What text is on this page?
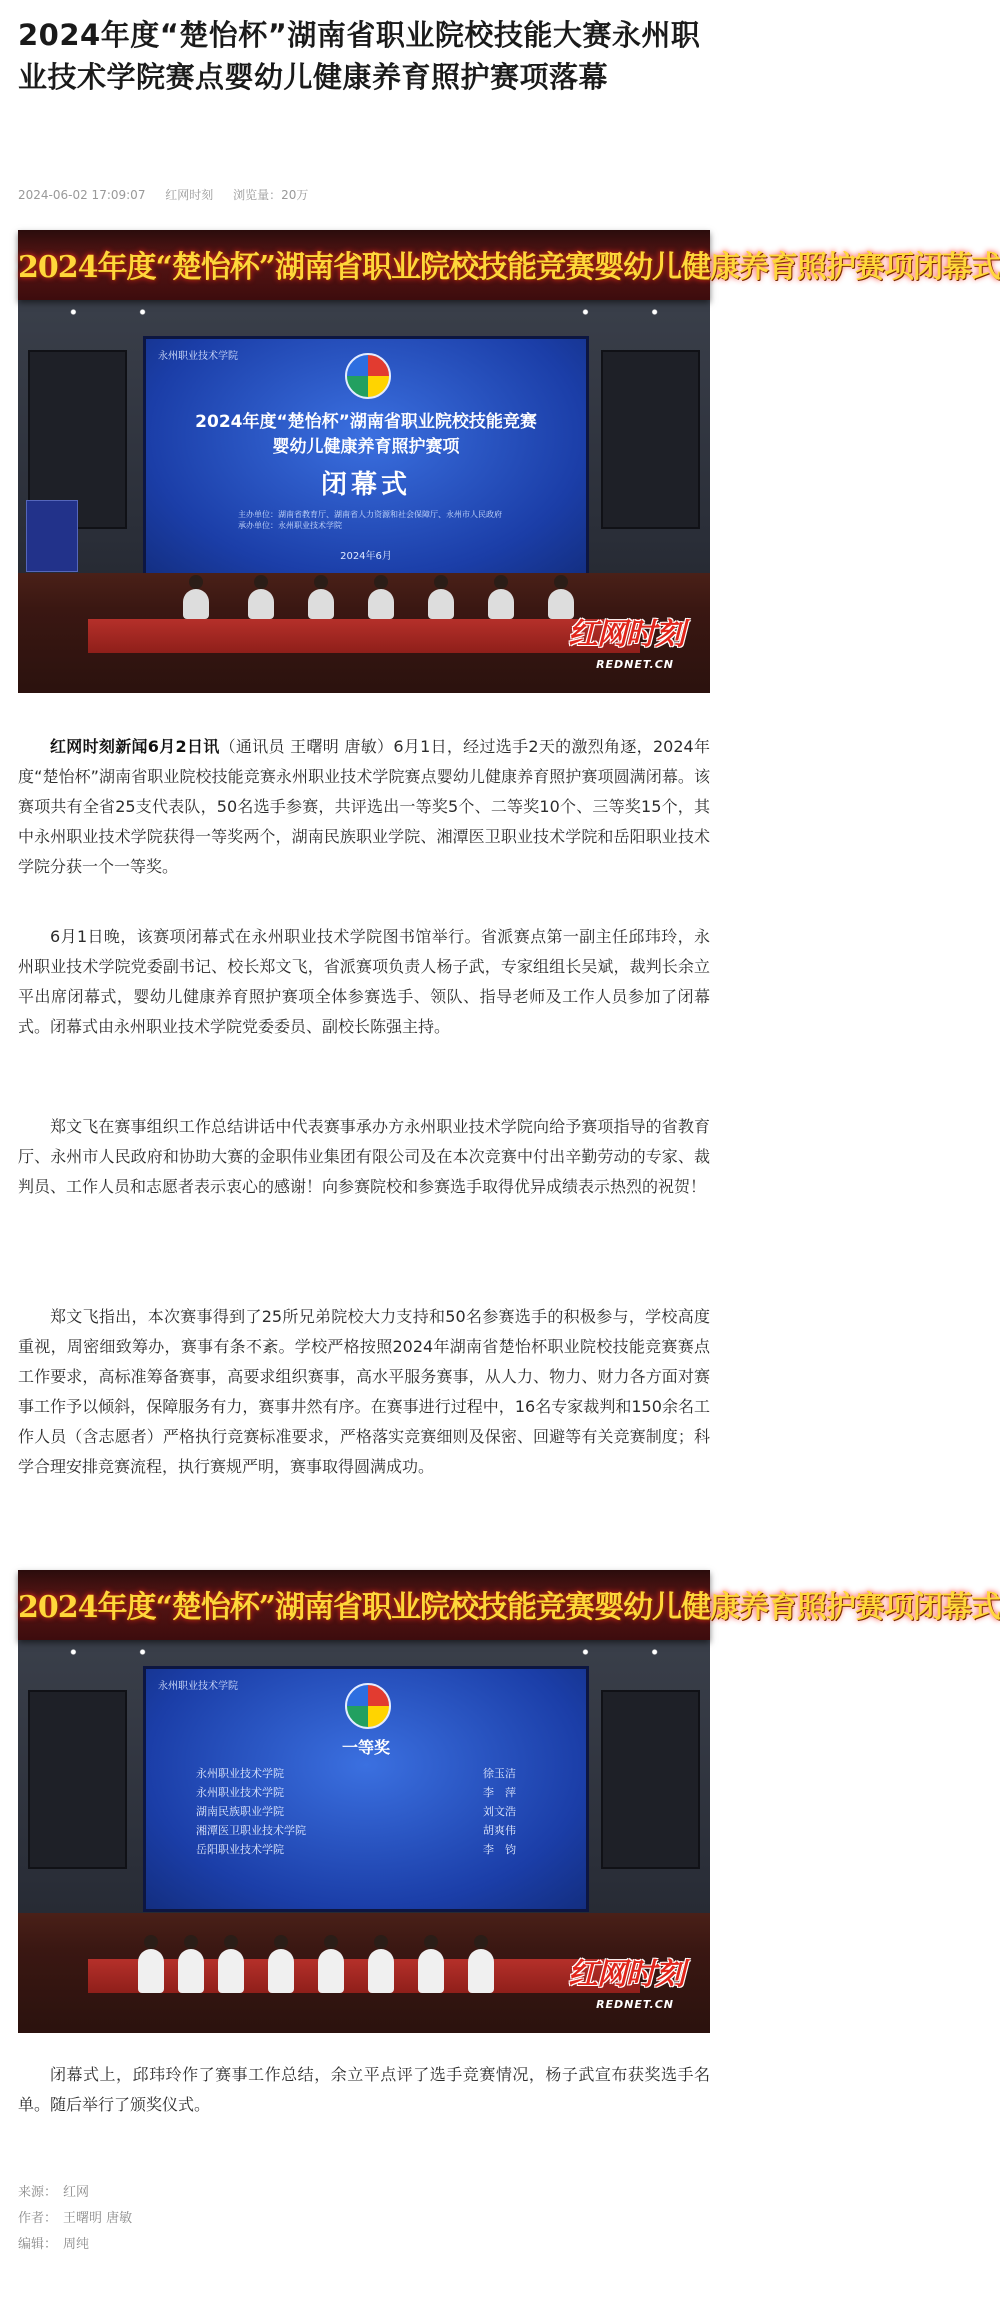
2024年度“楚怡杯”湖南省职业院校技能大赛永州职业技术学院赛点婴幼儿健康养育照护赛项落幕
2024-06-02 17:09:07 红网时刻 浏览量：20万
2024年度“楚怡杯”湖南省职业院校技能竞赛婴幼儿健康养育照护赛项闭幕式
永州职业技术学院
2024年度“楚怡杯”湖南省职业院校技能竞赛
婴幼儿健康养育照护赛项
闭幕式
主办单位：湖南省教育厅、湖南省人力资源和社会保障厅、永州市人民政府
承办单位：永州职业技术学院
2024年6月
红网时刻
REDNET.CN

红网时刻新闻6月2日讯（通讯员 王曙明 唐敏）6月1日，经过选手2天的激烈角逐，2024年度“楚怡杯”湖南省职业院校技能竞赛永州职业技术学院赛点婴幼儿健康养育照护赛项圆满闭幕。该赛项共有全省25支代表队，50名选手参赛，共评选出一等奖5个、二等奖10个、三等奖15个，其中永州职业技术学院获得一等奖两个，湖南民族职业学院、湘潭医卫职业技术学院和岳阳职业技术学院分获一个一等奖。

6月1日晚，该赛项闭幕式在永州职业技术学院图书馆举行。省派赛点第一副主任邱玮玲，永州职业技术学院党委副书记、校长郑文飞，省派赛项负责人杨子武，专家组组长吴斌，裁判长余立平出席闭幕式，婴幼儿健康养育照护赛项全体参赛选手、领队、指导老师及工作人员参加了闭幕式。闭幕式由永州职业技术学院党委委员、副校长陈强主持。

郑文飞在赛事组织工作总结讲话中代表赛事承办方永州职业技术学院向给予赛项指导的省教育厅、永州市人民政府和协助大赛的金职伟业集团有限公司及在本次竞赛中付出辛勤劳动的专家、裁判员、工作人员和志愿者表示衷心的感谢！向参赛院校和参赛选手取得优异成绩表示热烈的祝贺！

郑文飞指出，本次赛事得到了25所兄弟院校大力支持和50名参赛选手的积极参与，学校高度重视，周密细致筹办，赛事有条不紊。学校严格按照2024年湖南省楚怡杯职业院校技能竞赛赛点工作要求，高标准筹备赛事，高要求组织赛事，高水平服务赛事，从人力、物力、财力各方面对赛事工作予以倾斜，保障服务有力，赛事井然有序。在赛事进行过程中，16名专家裁判和150余名工作人员（含志愿者）严格执行竞赛标准要求，严格落实竞赛细则及保密、回避等有关竞赛制度；科学合理安排竞赛流程，执行赛规严明，赛事取得圆满成功。

2024年度“楚怡杯”湖南省职业院校技能竞赛婴幼儿健康养育照护赛项闭幕式
永州职业技术学院
一等奖
永州职业技术学院	徐玉洁
永州职业技术学院	李　萍
湖南民族职业学院	刘文浩
湘潭医卫职业技术学院	胡爽伟
岳阳职业技术学院	李　钧
红网时刻
REDNET.CN

闭幕式上，邱玮玲作了赛事工作总结，余立平点评了选手竞赛情况，杨子武宣布获奖选手名单。随后举行了颁奖仪式。

来源： 红网
作者： 王曙明 唐敏
编辑： 周纯
